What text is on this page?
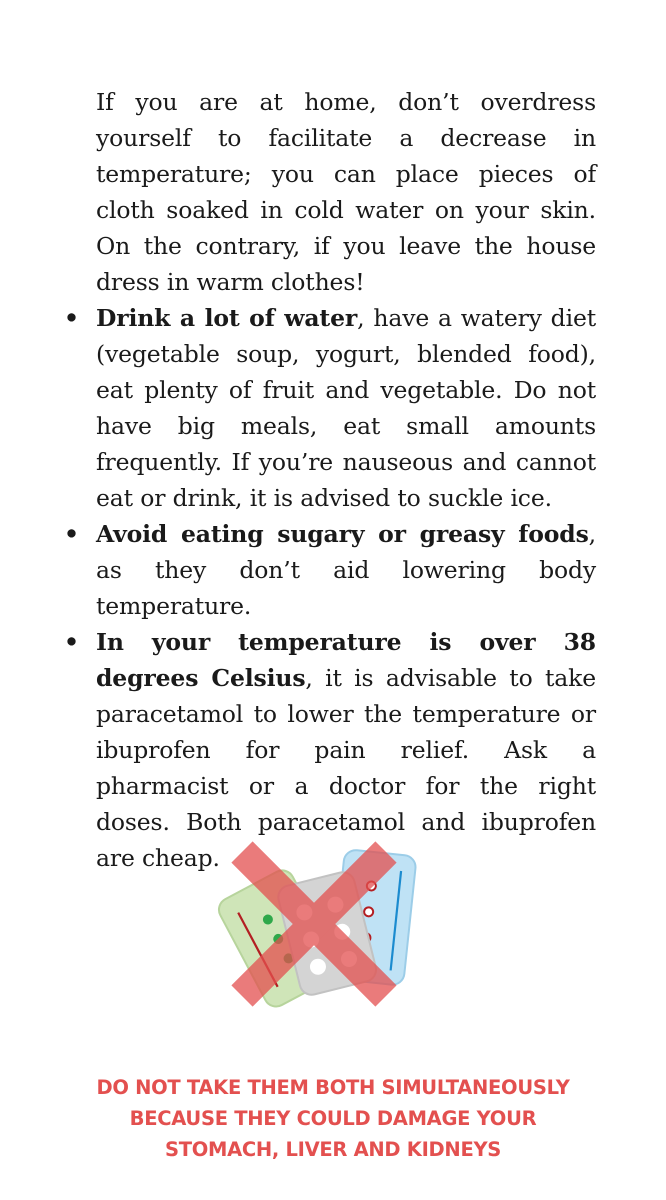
If you are at home, don’t overdress yourself to facilitate a decrease in temperature; you can place pieces of cloth soaked in cold water on your skin. On the contrary, if you leave the house dress in warm clothes!

• Drink a lot of water, have a watery diet (vegetable soup, yogurt, blended food), eat plenty of fruit and vegetable. Do not have big meals, eat small amounts frequently. If you’re nauseous and cannot eat or drink, it is advised to suckle ice.
• Avoid eating sugary or greasy foods, as they don’t aid lowering body temperature.
• In your temperature is over 38 degrees Celsius, it is advisable to take paracetamol to lower the temperature or ibuprofen for pain relief. Ask a pharmacist or a doctor for the right doses. Both paracetamol and ibuprofen are cheap.
DO NOT TAKE THEM BOTH SIMULTANEOUSLY
BECAUSE THEY COULD DAMAGE YOUR
STOMACH, LIVER AND KIDNEYS
